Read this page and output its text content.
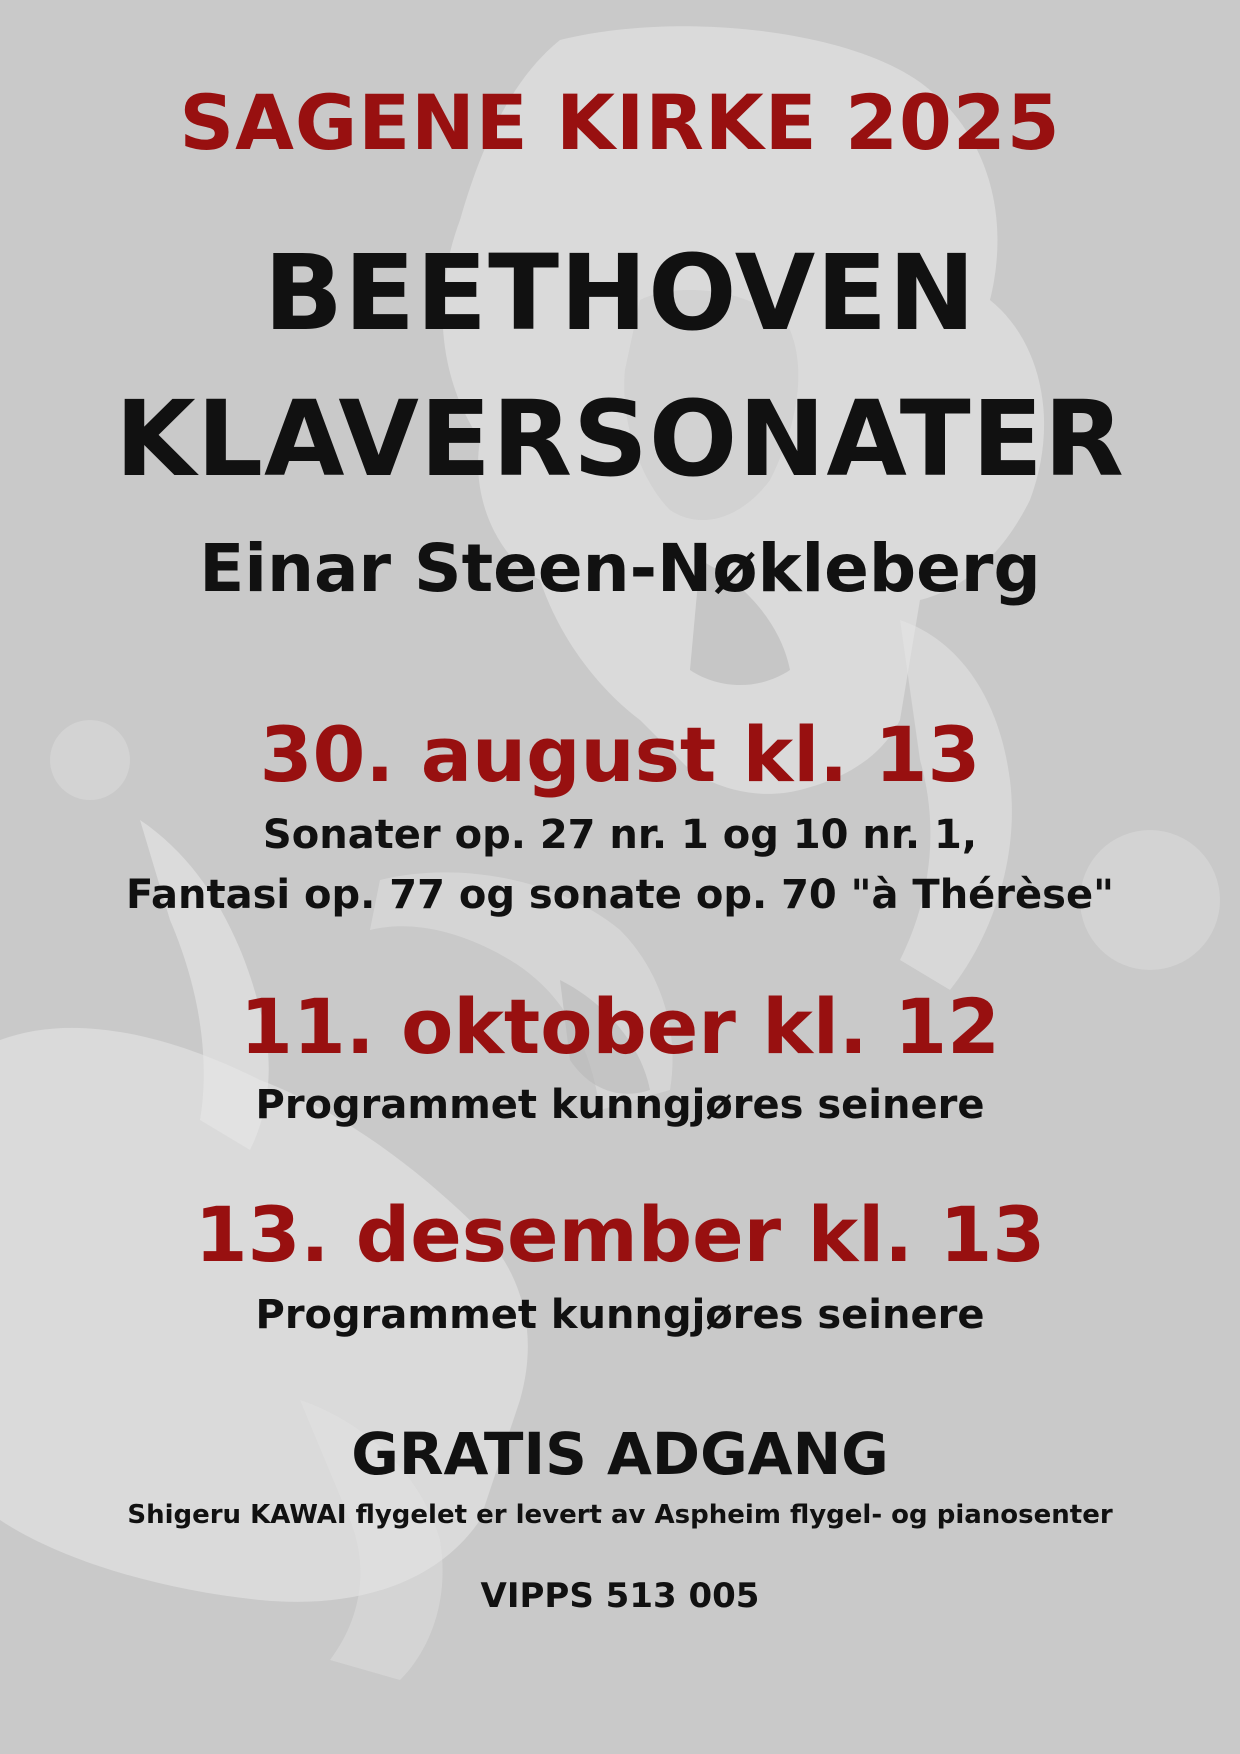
SAGENE KIRKE 2025

BEETHOVEN

KLAVERSONATER

Einar Steen-Nøkleberg

30. august kl. 13

Sonater op. 27 nr. 1 og 10 nr. 1,

Fantasi op. 77 og sonate op. 70 "à Thérèse"

11. oktober kl. 12

Programmet kunngjøres seinere

13. desember kl. 13

Programmet kunngjøres seinere

GRATIS ADGANG

Shigeru KAWAI flygelet er levert av Aspheim flygel- og pianosenter

VIPPS 513 005
